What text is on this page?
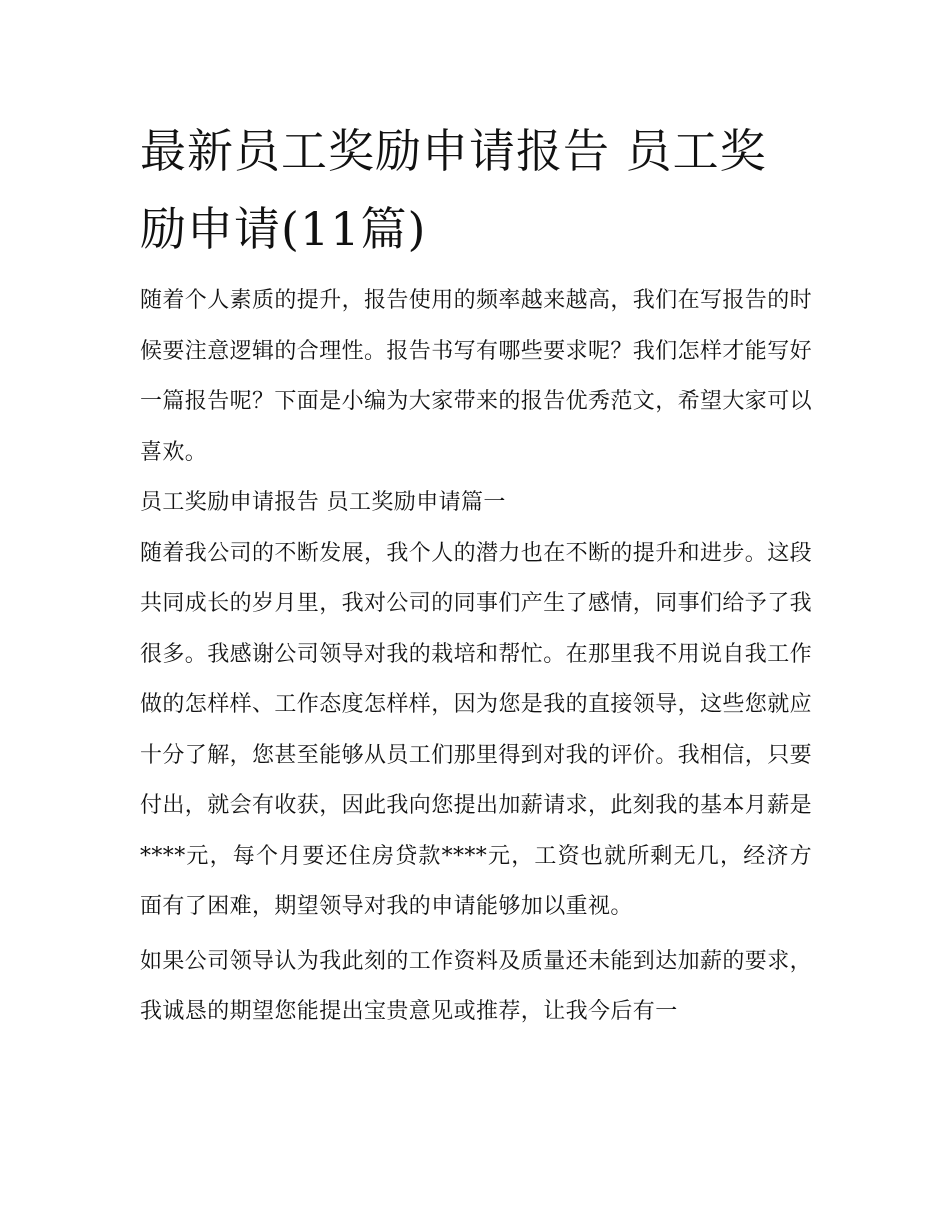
最新员工奖励申请报告 员工奖励申请(11篇)

随着个人素质的提升，报告使用的频率越来越高，我们在写报告的时候要注意逻辑的合理性。报告书写有哪些要求呢？我们怎样才能写好一篇报告呢？下面是小编为大家带来的报告优秀范文，希望大家可以喜欢。

员工奖励申请报告 员工奖励申请篇一

随着我公司的不断发展，我个人的潜力也在不断的提升和进步。这段共同成长的岁月里，我对公司的同事们产生了感情，同事们给予了我很多。我感谢公司领导对我的栽培和帮忙。在那里我不用说自我工作做的怎样样、工作态度怎样样，因为您是我的直接领导，这些您就应十分了解，您甚至能够从员工们那里得到对我的评价。我相信，只要付出，就会有收获，因此我向您提出加薪请求，此刻我的基本月薪是****元，每个月要还住房贷款****元，工资也就所剩无几，经济方面有了困难，期望领导对我的申请能够加以重视。

如果公司领导认为我此刻的工作资料及质量还未能到达加薪的要求，我诚恳的期望您能提出宝贵意见或推荐，让我今后有一
